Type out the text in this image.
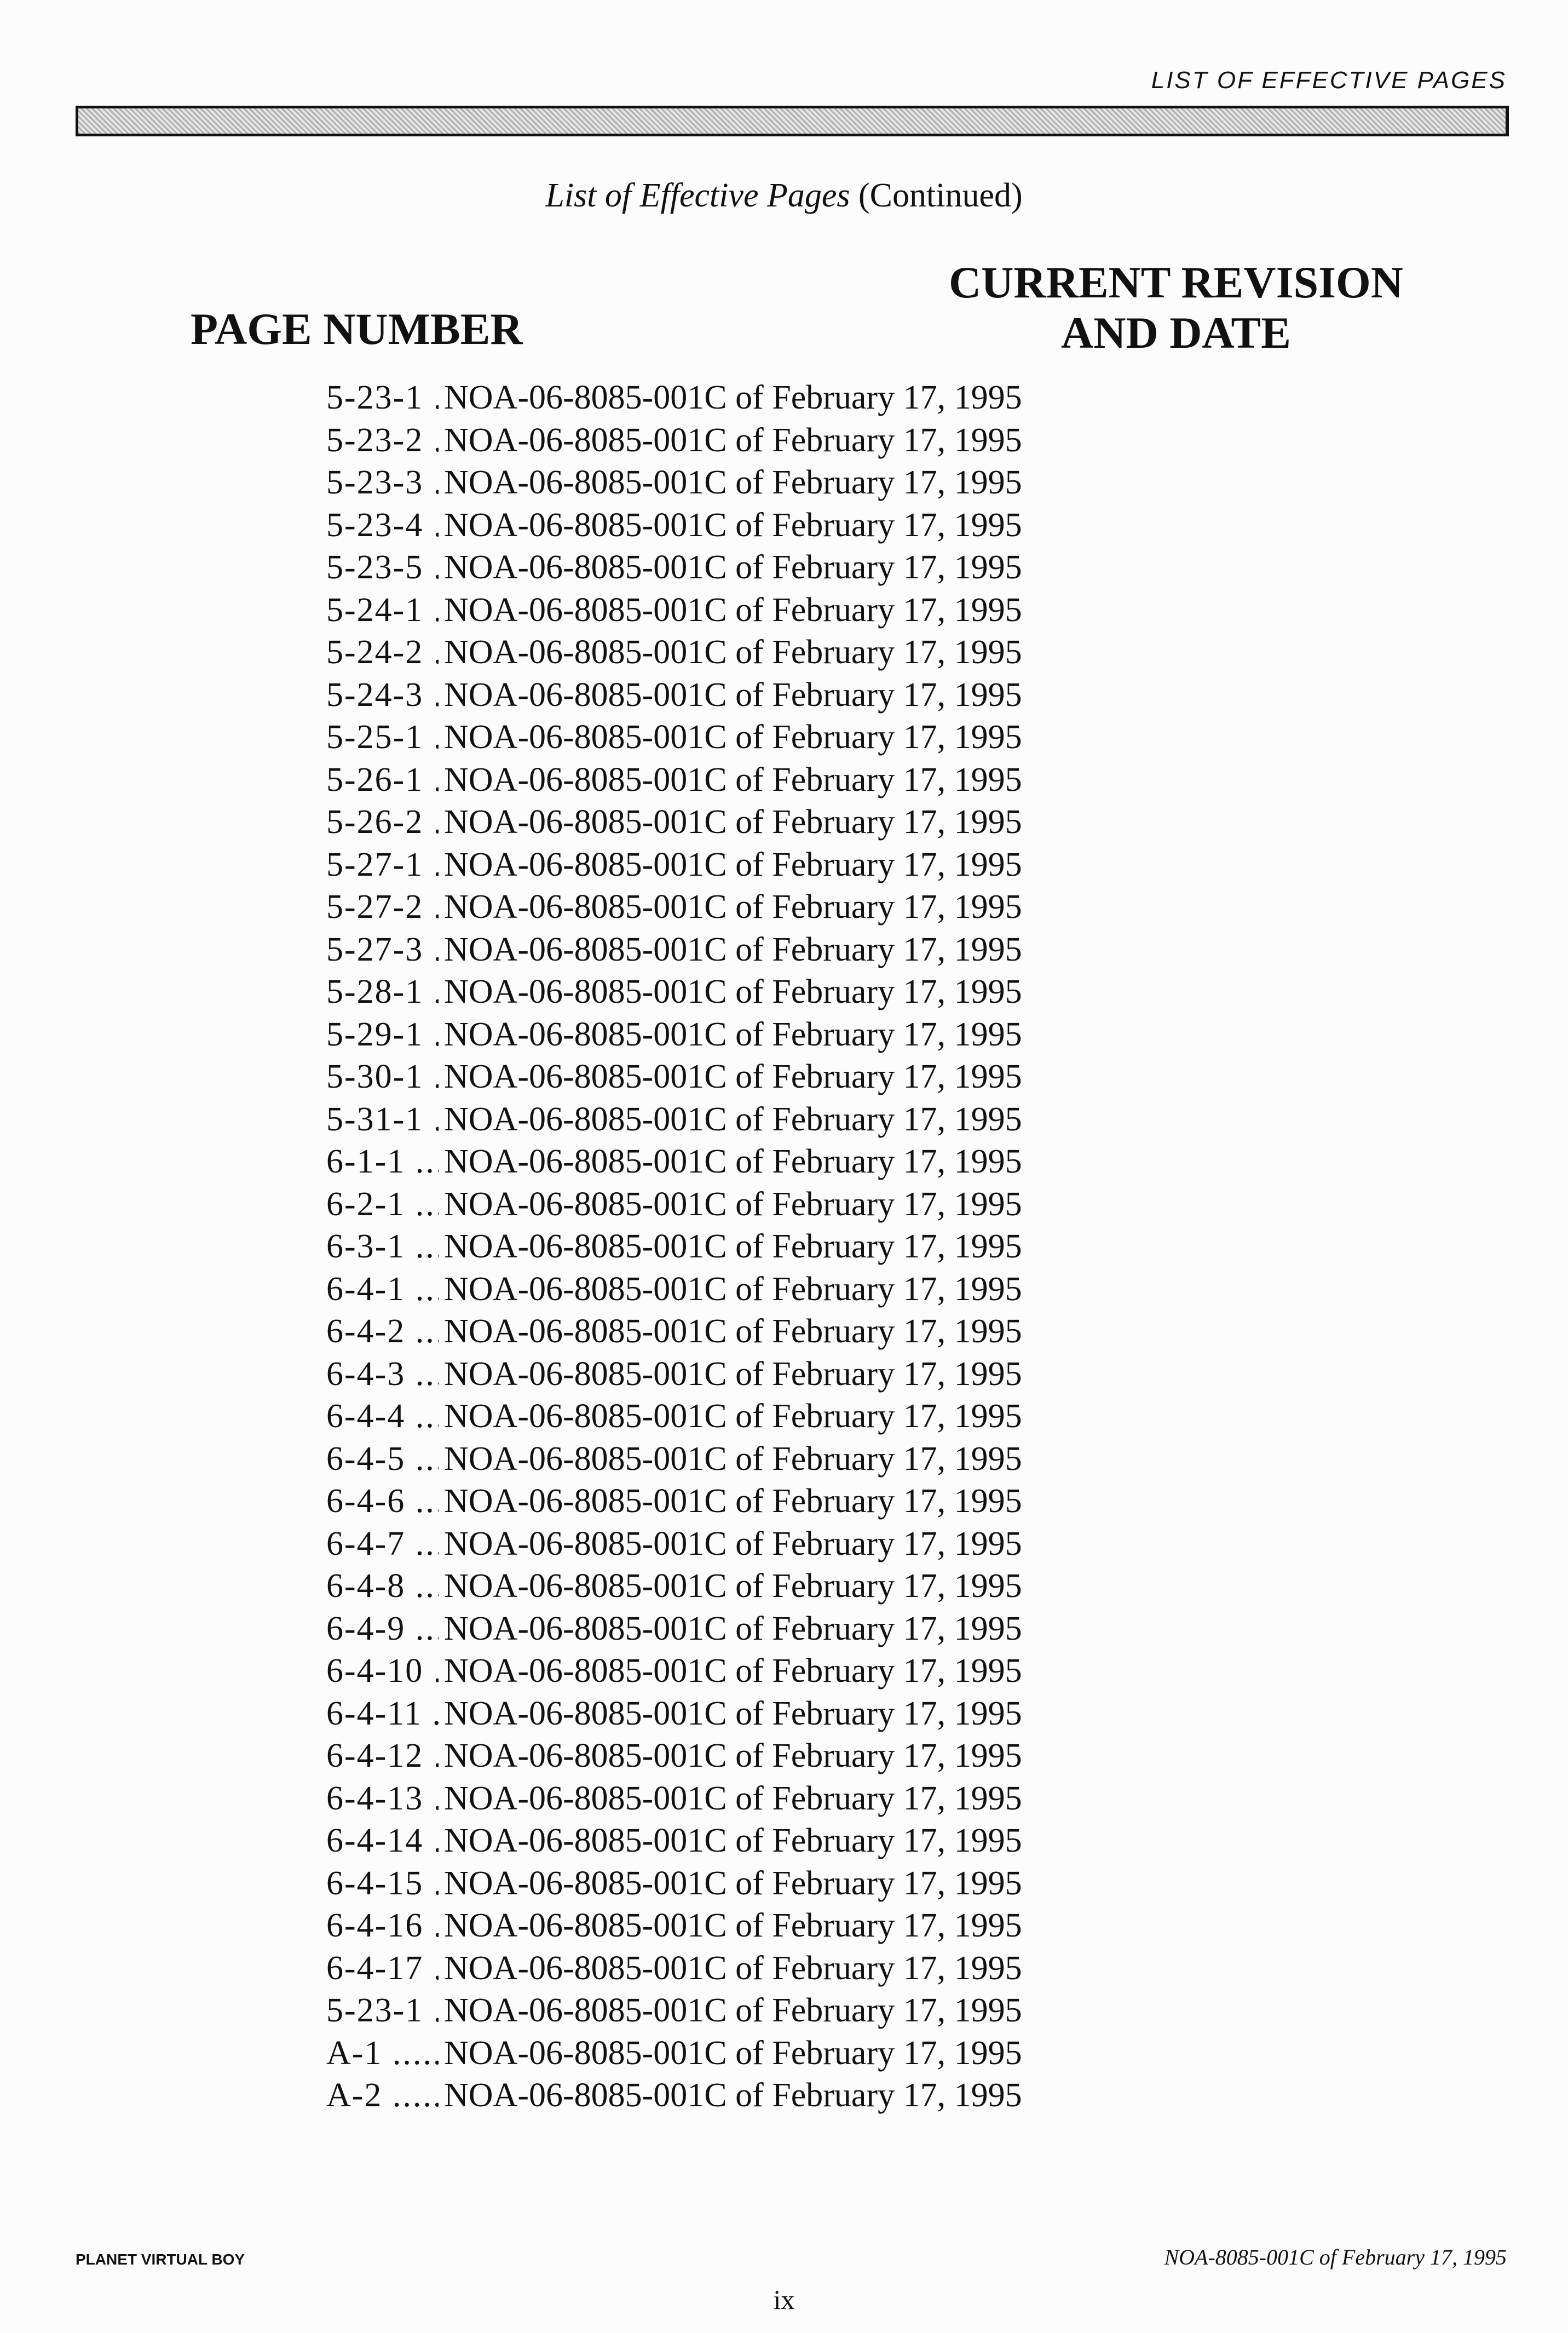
LIST OF EFFECTIVE PAGES
List of Effective Pages (Continued)
PAGE NUMBER
CURRENT REVISION
AND DATE
5-23-1 ..... NOA-06-8085-001C of February 17, 1995
5-23-2 ..... NOA-06-8085-001C of February 17, 1995
5-23-3 ..... NOA-06-8085-001C of February 17, 1995
5-23-4 ..... NOA-06-8085-001C of February 17, 1995
5-23-5 ..... NOA-06-8085-001C of February 17, 1995
5-24-1 ..... NOA-06-8085-001C of February 17, 1995
5-24-2 ..... NOA-06-8085-001C of February 17, 1995
5-24-3 ..... NOA-06-8085-001C of February 17, 1995
5-25-1 ..... NOA-06-8085-001C of February 17, 1995
5-26-1 ..... NOA-06-8085-001C of February 17, 1995
5-26-2 ..... NOA-06-8085-001C of February 17, 1995
5-27-1 ..... NOA-06-8085-001C of February 17, 1995
5-27-2 ..... NOA-06-8085-001C of February 17, 1995
5-27-3 ..... NOA-06-8085-001C of February 17, 1995
5-28-1 ..... NOA-06-8085-001C of February 17, 1995
5-29-1 ..... NOA-06-8085-001C of February 17, 1995
5-30-1 ..... NOA-06-8085-001C of February 17, 1995
5-31-1 ..... NOA-06-8085-001C of February 17, 1995
6-1-1 .....	NOA-06-8085-001C of February 17, 1995
6-2-1 .....	NOA-06-8085-001C of February 17, 1995
6-3-1 .....	NOA-06-8085-001C of February 17, 1995
6-4-1 .....	NOA-06-8085-001C of February 17, 1995
6-4-2 .....	NOA-06-8085-001C of February 17, 1995
6-4-3 .....	NOA-06-8085-001C of February 17, 1995
6-4-4 .....	NOA-06-8085-001C of February 17, 1995
6-4-5 .....	NOA-06-8085-001C of February 17, 1995
6-4-6 .....	NOA-06-8085-001C of February 17, 1995
6-4-7 .....	NOA-06-8085-001C of February 17, 1995
6-4-8 .....	NOA-06-8085-001C of February 17, 1995
6-4-9 .....	NOA-06-8085-001C of February 17, 1995
6-4-10 ..... NOA-06-8085-001C of February 17, 1995
6-4-11 ..... NOA-06-8085-001C of February 17, 1995
6-4-12 ..... NOA-06-8085-001C of February 17, 1995
6-4-13 ..... NOA-06-8085-001C of February 17, 1995
6-4-14 ..... NOA-06-8085-001C of February 17, 1995
6-4-15 ..... NOA-06-8085-001C of February 17, 1995
6-4-16 ..... NOA-06-8085-001C of February 17, 1995
6-4-17 ..... NOA-06-8085-001C of February 17, 1995
5-23-1 ..... NOA-06-8085-001C of February 17, 1995
A-1 .....	NOA-06-8085-001C of February 17, 1995
A-2 .....	NOA-06-8085-001C of February 17, 1995
PLANET VIRTUAL BOY	NOA-8085-001C of February 17, 1995
ix
